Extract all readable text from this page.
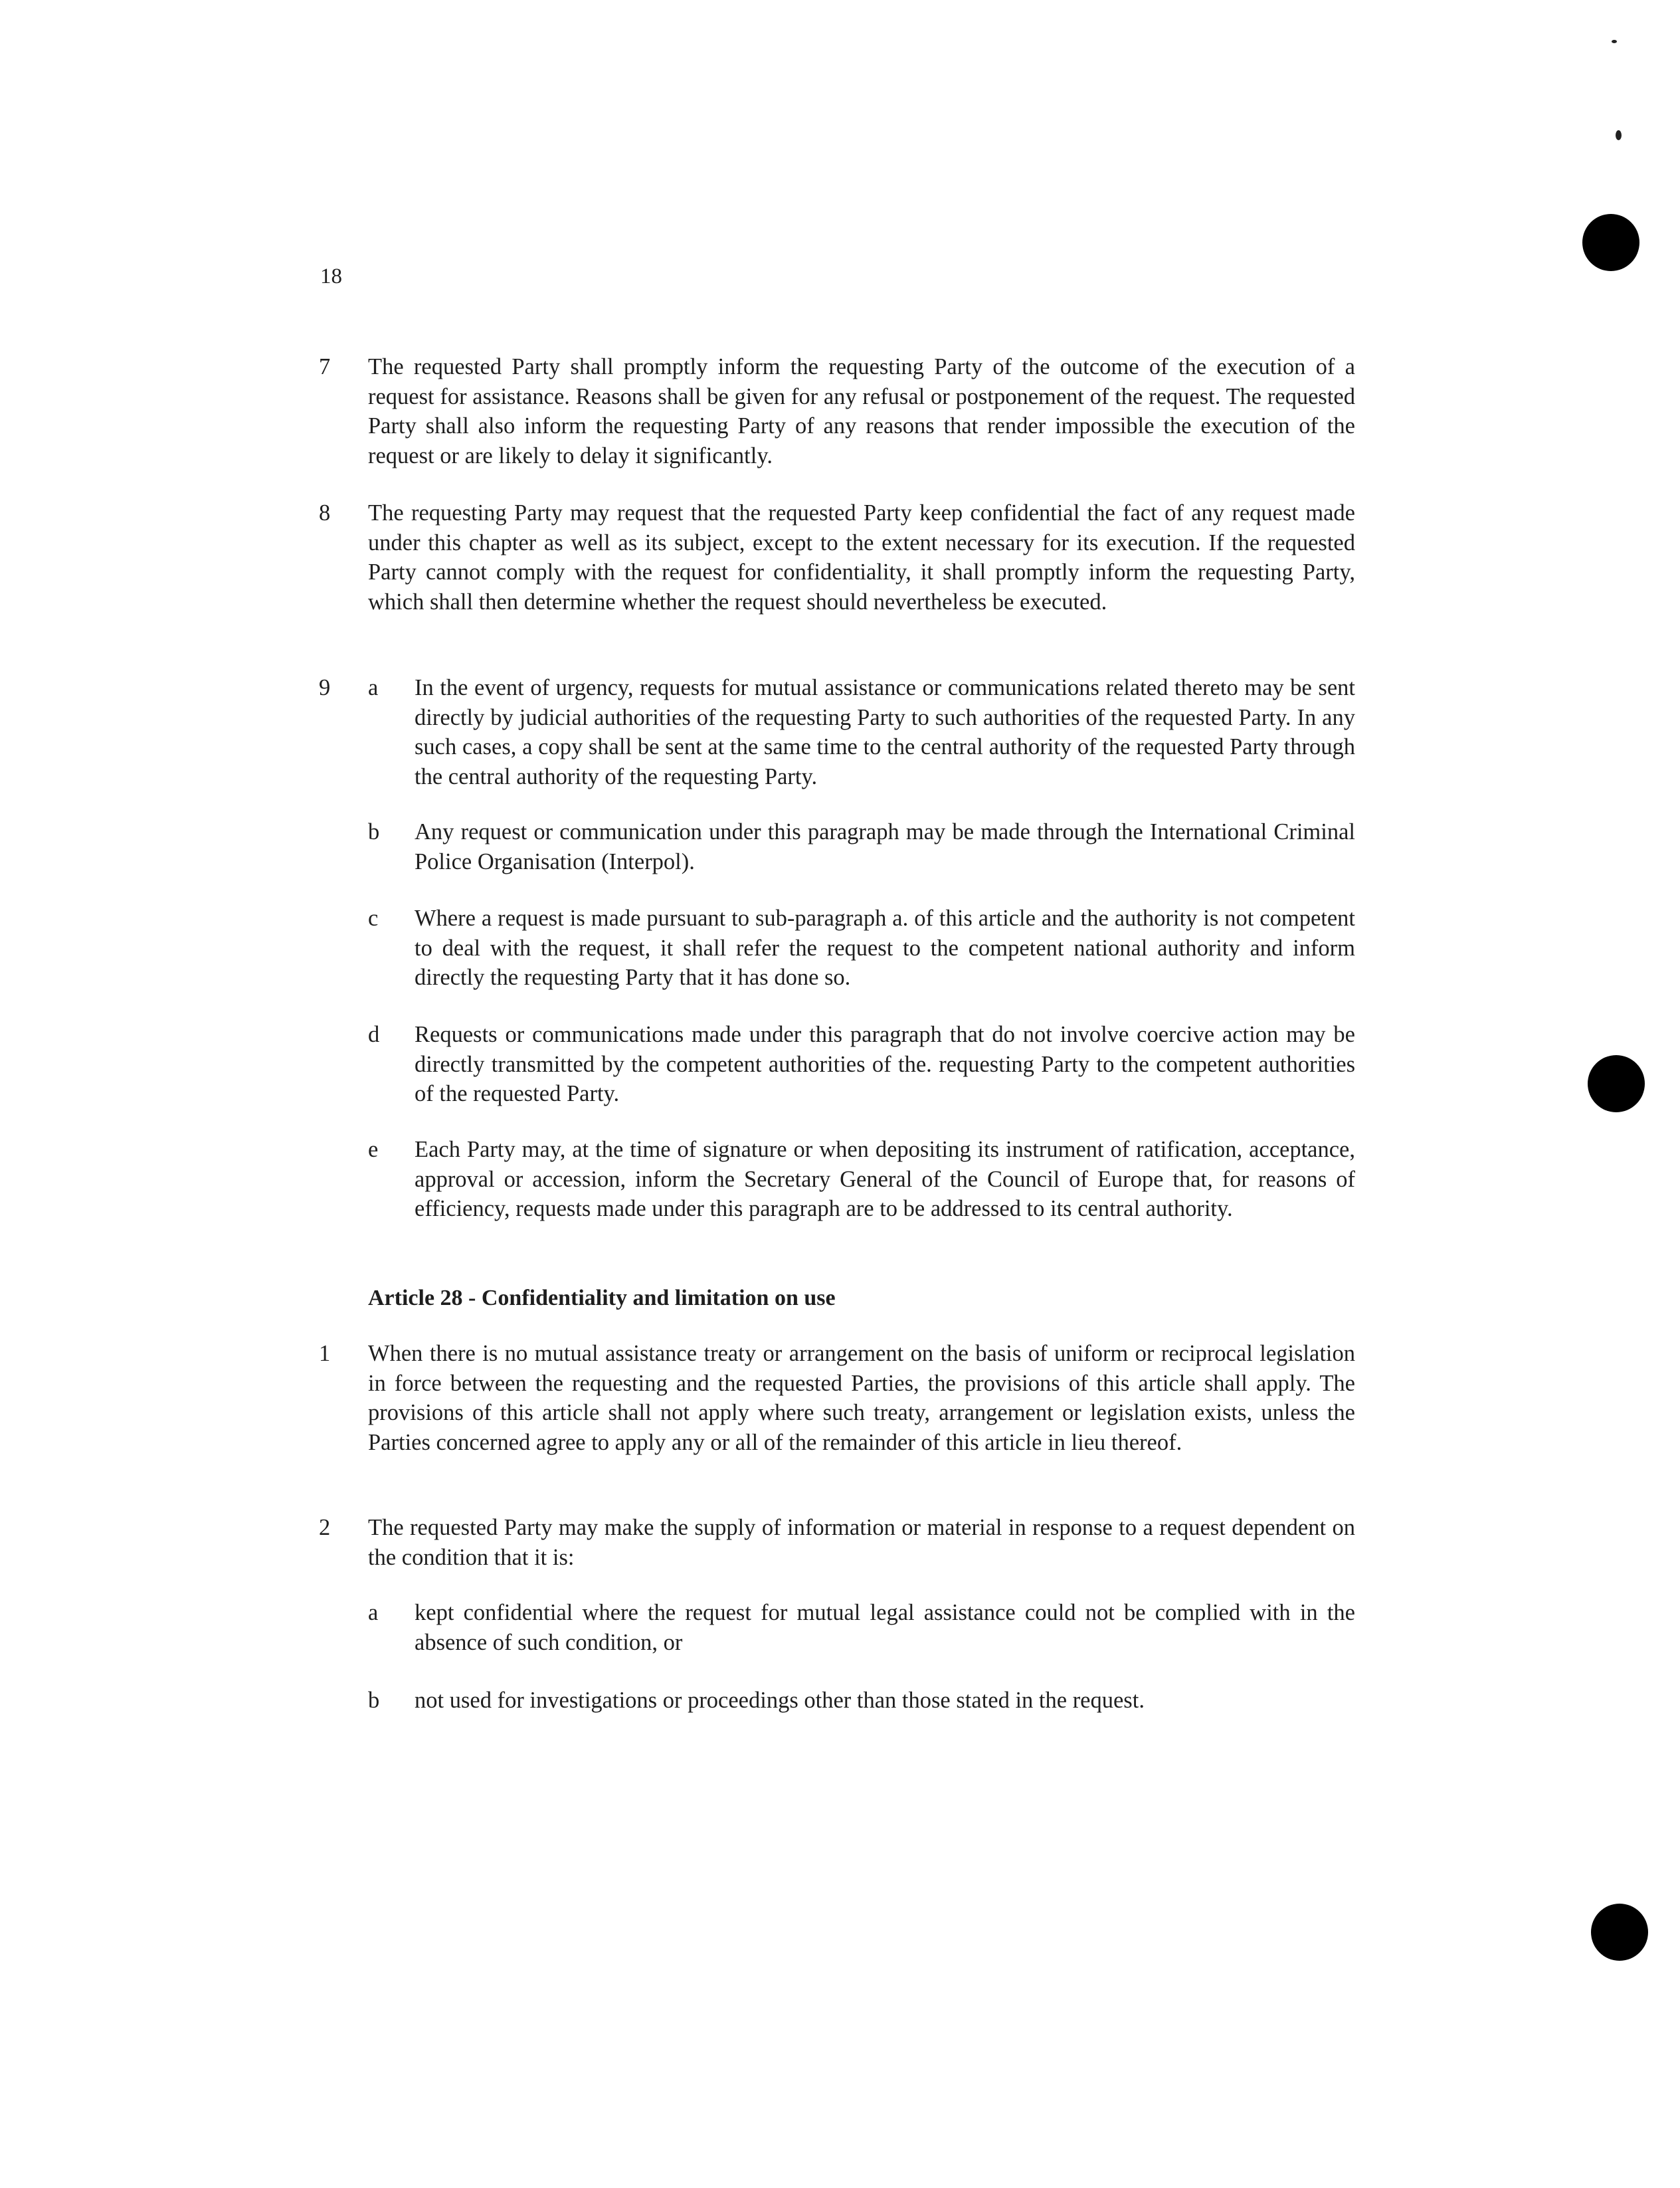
18
7 The requested Party shall promptly inform the requesting Party of the outcome of the execution of a request for assistance. Reasons shall be given for any refusal or postponement of the request. The requested Party shall also inform the requesting Party of any reasons that render impossible the execution of the request or are likely to delay it significantly.
8 The requesting Party may request that the requested Party keep confidential the fact of any request made under this chapter as well as its subject, except to the extent necessary for its execution. If the requested Party cannot comply with the request for confidentiality, it shall promptly inform the requesting Party, which shall then determine whether the request should nevertheless be executed.
9 a In the event of urgency, requests for mutual assistance or communications related thereto may be sent directly by judicial authorities of the requesting Party to such authorities of the requested Party. In any such cases, a copy shall be sent at the same time to the central authority of the requested Party through the central authority of the requesting Party.
b Any request or communication under this paragraph may be made through the International Criminal Police Organisation (Interpol).
c Where a request is made pursuant to sub-paragraph a. of this article and the authority is not competent to deal with the request, it shall refer the request to the competent national authority and inform directly the requesting Party that it has done so.
d Requests or communications made under this paragraph that do not involve coercive action may be directly transmitted by the competent authorities of the. requesting Party to the competent authorities of the requested Party.
e Each Party may, at the time of signature or when depositing its instrument of ratification, acceptance, approval or accession, inform the Secretary General of the Council of Europe that, for reasons of efficiency, requests made under this paragraph are to be addressed to its central authority.
Article 28 - Confidentiality and limitation on use
1 When there is no mutual assistance treaty or arrangement on the basis of uniform or reciprocal legislation in force between the requesting and the requested Parties, the provisions of this article shall apply. The provisions of this article shall not apply where such treaty, arrangement or legislation exists, unless the Parties concerned agree to apply any or all of the remainder of this article in lieu thereof.
2 The requested Party may make the supply of information or material in response to a request dependent on the condition that it is:
a kept confidential where the request for mutual legal assistance could not be complied with in the absence of such condition, or
b not used for investigations or proceedings other than those stated in the request.
